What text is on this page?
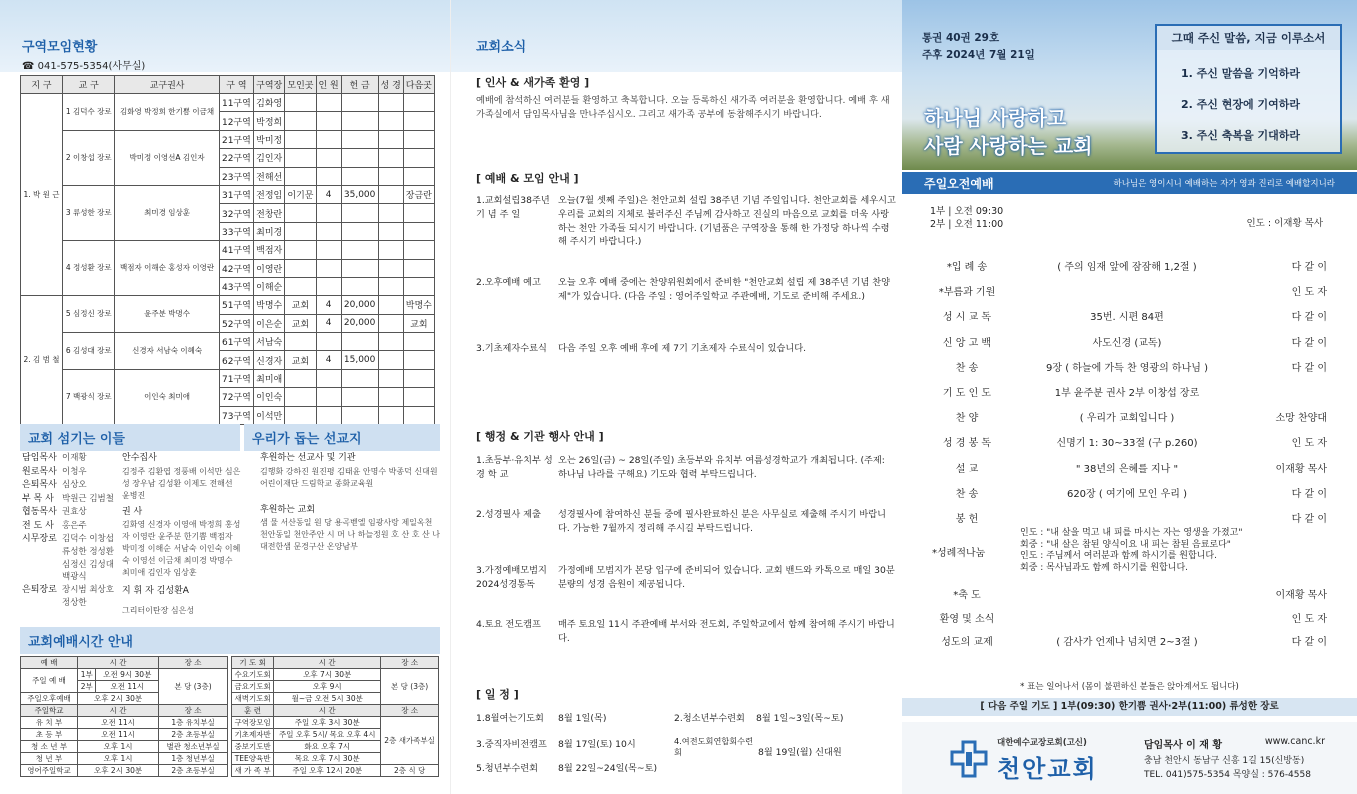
구역모임현황
☎ 041-575-5354(사무실)
지 구	교 구	교구권사	구 역	구역장	모인곳	인 원	헌 금	성 경	다음곳
1. 박 원 근	1 김덕수 장로	김화영 박정희 한기쁨 이금채	11구역	김화영					
			12구역	박정희					
	2 이창섭 장로	박미정 이영선A 김인자	21구역	박미정					
			22구역	김인자					
			23구역	전해선					
	3 류성한 장로	최미경 임상훈	31구역	전정임	이기문	4	35,000		장금란
			32구역	전창란					
			33구역	최미경					
	4 정성환 장로	백점자 이해순 홍성자 이영란	41구역	백점자					
			42구역	이영란					
			43구역	이해순					
2. 김 범 철	5 심정신 장로	윤주분 박명수	51구역	박명수	교회	4	20,000		박명수
			52구역	이은순	교회	4	20,000		교회
	6 김성대 장로	신경자 서남숙 이혜숙	61구역	서남숙					
			62구역	신경자	교회	4	15,000		
	7 백광식 장로	이인숙 최미애	71구역	최미애					
			72구역	이인숙					
			73구역	이석만					
교회 섬기는 이들	우리가 돕는 선교지
담임목사 이재황
원로목사 이청우
은퇴목사 심상오
부 목 사 박원근 김범철
협동목사 권효상
전 도 사 홍은주
시무장로 김덕수 이창섭 류성한 정성환 심정신 김성대 백광식
은퇴장로 장시범 최상호 정상한
안수집사
김정주 김환엽 정풍배 이석만 심은성 장우남 김성환 이제도 전해선 윤병진
권 사
김화영 신경자 이영애 박정희 홍성자 이영란 윤주분 한기쁨 백점자 박미정 이해순 서남숙 이인숙 이혜숙 이영선 이금채 최미경 박명수 최미애 김인자 임상훈
지 휘 자 김성환A
그리터이탄장 심은성
후원하는 선교사 및 기관
김행화 강하진 원진평 김태윤 안명수 박종덕 신대원 어린이재단 드림학교 종화교육원
후원하는 교회
샘 물 서산동일 원 당 용곡벧엘 임광사랑 제일옥천 천안동일 천안주안 시 머 나 하늘정원 호 산 호 산 나 대전한샘 문경구산 온양남부
교회예배시간 안내
예 배	시 간		장 소
주일 예 배	1부	오전 9시 30분	본 당 (3층)
	2부	오전 11시	
주일오후예배	오후 2시 30분		
주일학교	시 간		장 소
유 치 부	오전 11시		1층 유치부실
초 등 부	오전 11시		2층 초등부실
청 소 년 부	오후 1시		별관 청소년부실
청 년 부	오후 1시		1층 청년부실
영어주일학교	오후 2시 30분		2층 초등부실
기 도 회	시 간	장 소
수요기도회	오후 7시 30분	본 당 (3층)
금요기도회	오후 9시	
새벽기도회	월~금 오전 5시 30분	
훈 련	시 간	장 소
구역장모임	주일 오후 3시 30분	2층 새가족부실
기초제자반	주일 오후 5시/ 목요 오후 4시	
중보기도반	화요 오후 7시	
TEE양육반	목요 오후 7시 30분	
새 가 족 부	주일 오후 12시 20분	2층 식 당
교회소식
[ 인사 & 새가족 환영 ]
예배에 참석하신 여러분들 환영하고 축복합니다. 오늘 등록하신 새가족 여러분을 환영합니다. 예배 후 새가족실에서 담임목사님을 만나주십시오. 그리고 새가족 공부에 동참해주시기 바랍니다.
[ 예배 & 모임 안내 ]
1.교회설립38주년 기 념 주 일
오늘(7월 셋째 주일)은 천안교회 설립 38주년 기념 주일입니다. 천안교회를 세우시고 우리를 교회의 지체로 불러주신 주님께 감사하고 진실의 마음으로 교회를 더욱 사랑하는 천안 가족들 되시기 바랍니다. (기념품은 구역장을 통해 한 가정당 하나씩 수령해 주시기 바랍니다.)
2.오후예배 예고	오늘 오후 예배 중에는 찬양위원회에서 준비한 "천안교회 설립 제 38주년 기념 찬양제"가 있습니다. (다음 주일 : 영어주일학교 주관예배, 기도로 준비해 주세요.)
3.기초제자수료식	다음 주일 오후 예배 후에 제 7기 기초제자 수료식이 있습니다.
[ 행정 & 기관 행사 안내 ]
1.초등부·유치부 성 경 학 교
오는 26일(금) ~ 28일(주일) 초등부와 유치부 여름성경학교가 개최됩니다. (주제: 하나님 나라를 구해요) 기도와 협력 부탁드립니다.
2.성경필사 제출	성경필사에 참여하신 분들 중에 필사완료하신 분은 사무실로 제출해 주시기 바랍니다. 가능한 7월까지 정리해 주시길 부탁드립니다.
3.가정예배모범지 2024성경통독
가정예배 모범지가 본당 입구에 준비되어 있습니다. 교회 밴드와 카톡으로 매일 30분 분량의 성경 음원이 제공됩니다.
4.토요 전도캠프	매주 토요일 11시 주관예배 부서와 전도회, 주일학교에서 함께 참여해 주시기 바랍니다.
[ 일 정 ]
1.8월여는기도회 8월 1일(목)	2.청소년부수련회 8월 1일~3일(목~토)
3.중직자비전캠프 8월 17일(토) 10시	4.여전도회연합회수련회	8월 19일(월) 신대원
5.청년부수련회 8월 22일~24일(목~토)
통권 40권 29호
주후 2024년 7월 21일
하나님 사랑하고
사람 사랑하는 교회
그때 주신 말씀, 지금 이루소서
1. 주신 말씀을 기억하라
2. 주신 현장에 기여하라
3. 주신 축복을 기대하라
주일오전예배	하나님은 영이시니 예배하는 자가 영과 진리로 예배할지니라
1부 | 오전 09:30
2부 | 오전 11:00	인도 : 이재황 목사
*입 례 송	( 주의 임재 앞에 잠잠해 1,2절 )	다 같 이
*부름과 기원	인 도 자
성 시 교 독	35번. 시편 84편	다 같 이
신 앙 고 백	사도신경 (교독)	다 같 이
찬 송	9장 ( 하늘에 가득 찬 영광의 하나님 )	다 같 이
기 도 인 도	1부 윤주분 권사 2부 이창섭 장로
찬 양	( 우리가 교회입니다 )	소망 찬양대
성 경 봉 독	신명기 1: 30~33절 (구 p.260)	인 도 자
설 교	" 38년의 은혜를 지나 "	이재황 목사
찬 송	620장 ( 여기에 모인 우리 )	다 같 이
봉 헌	다 같 이
*성례적나눔
인도 : "내 살을 먹고 내 피를 마시는 자는 영생을 가졌고"
회중 : "내 살은 참된 양식이요 내 피는 참된 음료로다"
인도 : 주님께서 여러분과 함께 하시기를 원합니다.
회중 : 목사님과도 함께 하시기를 원합니다.
*축 도	이재황 목사
환영 및 소식	인 도 자
성도의 교제	( 감사가 언제나 넘치면 2~3절 )	다 같 이
* 표는 일어나서 (몸이 불편하신 분들은 앉아계셔도 됩니다)
[ 다음 주일 기도 ] 1부(09:30) 한기쁨 권사·2부(11:00) 류성한 장로
대한예수교장로회(고신)
천안교회
담임목사 이 재 황	www.canc.kr
충남 천안시 동남구 신흥 1길 15(신방동)
TEL. 041)575-5354 목양실 : 576-4558
